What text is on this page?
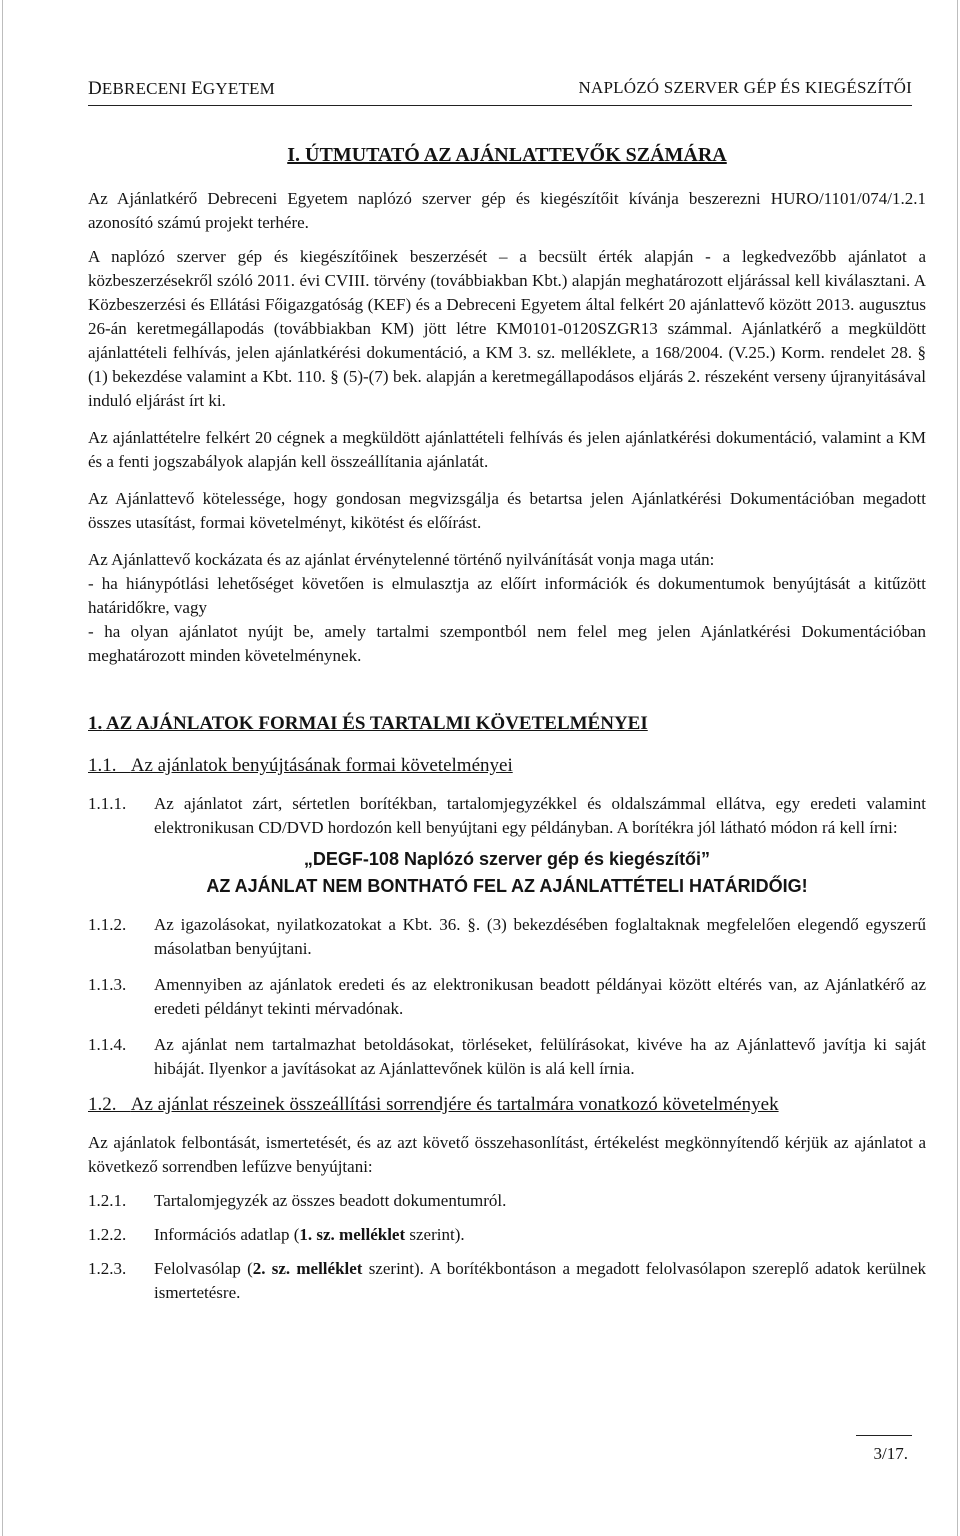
DEBRECENI EGYETEM	NAPLÓZÓ SZERVER GÉP ÉS KIEGÉSZÍTŐI
I. ÚTMUTATÓ AZ AJÁNLATTEVŐK SZÁMÁRA

Az Ajánlatkérő Debreceni Egyetem naplózó szerver gép és kiegészítőit kívánja beszerezni HURO/1101/074/1.2.1 azonosító számú projekt terhére.

A naplózó szerver gép és kiegészítőinek beszerzését – a becsült érték alapján - a legkedvezőbb ajánlatot a közbeszerzésekről szóló 2011. évi CVIII. törvény (továbbiakban Kbt.) alapján meghatározott eljárással kell kiválasztani. A Közbeszerzési és Ellátási Főigazgatóság (KEF) és a Debreceni Egyetem által felkért 20 ajánlattevő között 2013. augusztus 26-án keretmegállapodás (továbbiakban KM) jött létre KM0101-0120SZGR13 számmal. Ajánlatkérő a megküldött ajánlattételi felhívás, jelen ajánlatkérési dokumentáció, a KM 3. sz. melléklete, a 168/2004. (V.25.) Korm. rendelet 28. § (1) bekezdése valamint a Kbt. 110. § (5)-(7) bek. alapján a keretmegállapodásos eljárás 2. részeként verseny újranyitásával induló eljárást írt ki.

Az ajánlattételre felkért 20 cégnek a megküldött ajánlattételi felhívás és jelen ajánlatkérési dokumentáció, valamint a KM és a fenti jogszabályok alapján kell összeállítania ajánlatát.

Az Ajánlattevő kötelessége, hogy gondosan megvizsgálja és betartsa jelen Ajánlatkérési Dokumentációban megadott összes utasítást, formai követelményt, kikötést és előírást.

Az Ajánlattevő kockázata és az ajánlat érvénytelenné történő nyilvánítását vonja maga után:

- ha hiánypótlási lehetőséget követően is elmulasztja az előírt információk és dokumentumok benyújtását a kitűzött határidőkre, vagy

- ha olyan ajánlatot nyújt be, amely tartalmi szempontból nem felel meg jelen Ajánlatkérési Dokumentációban meghatározott minden követelménynek.

1. AZ AJÁNLATOK FORMAI ÉS TARTALMI KÖVETELMÉNYEI
1.1. Az ajánlatok benyújtásának formai követelményei
1.1.1.	Az ajánlatot zárt, sértetlen borítékban, tartalomjegyzékkel és oldalszámmal ellátva, egy eredeti valamint elektronikusan CD/DVD hordozón kell benyújtani egy példányban. A borítékra jól látható módon rá kell írni:
„DEGF-108 Naplózó szerver gép és kiegészítői”
AZ AJÁNLAT NEM BONTHATÓ FEL AZ AJÁNLATTÉTELI HATÁRIDŐIG!
1.1.2.	Az igazolásokat, nyilatkozatokat a Kbt. 36. §. (3) bekezdésében foglaltaknak megfelelően elegendő egyszerű másolatban benyújtani.
1.1.3.	Amennyiben az ajánlatok eredeti és az elektronikusan beadott példányai között eltérés van, az Ajánlatkérő az eredeti példányt tekinti mérvadónak.
1.1.4.	Az ajánlat nem tartalmazhat betoldásokat, törléseket, felülírásokat, kivéve ha az Ajánlattevő javítja ki saját hibáját. Ilyenkor a javításokat az Ajánlattevőnek külön is alá kell írnia.
1.2. Az ajánlat részeinek összeállítási sorrendjére és tartalmára vonatkozó követelmények

Az ajánlatok felbontását, ismertetését, és az azt követő összehasonlítást, értékelést megkönnyítendő kérjük az ajánlatot a következő sorrendben lefűzve benyújtani:

1.2.1.	Tartalomjegyzék az összes beadott dokumentumról.
1.2.2.	Információs adatlap (1. sz. melléklet szerint).
1.2.3.	Felolvasólap (2. sz. melléklet szerint). A borítékbontáson a megadott felolvasólapon szereplő adatok kerülnek ismertetésre.
3/17.
